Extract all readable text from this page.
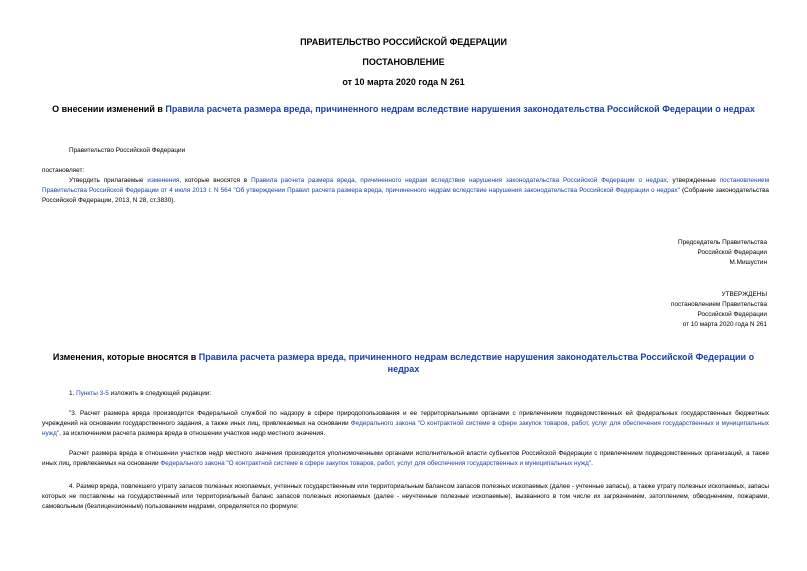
ПРАВИТЕЛЬСТВО РОССИЙСКОЙ ФЕДЕРАЦИИ
ПОСТАНОВЛЕНИЕ
от 10 марта 2020 года N 261
О внесении изменений в Правила расчета размера вреда, причиненного недрам вследствие нарушения законодательства Российской Федерации о недрах
Правительство Российской Федерации
постановляет:
Утвердить прилагаемые изменения, которые вносятся в Правила расчета размера вреда, причиненного недрам вследствие нарушения законодательства Российской Федерации о недрах, утвержденные постановлением Правительства Российской Федерации от 4 июля 2013 г. N 564 "Об утверждении Правил расчета размера вреда, причиненного недрам вследствие нарушения законодательства Российской Федерации о недрах" (Собрание законодательства Российской Федерации, 2013, N 28, ст.3830).
Председатель Правительства
Российской Федерации
М.Мишустин
УТВЕРЖДЕНЫ
постановлением Правительства
Российской Федерации
от 10 марта 2020 года N 261
Изменения, которые вносятся в Правила расчета размера вреда, причиненного недрам вследствие нарушения законодательства Российской Федерации о недрах
1. Пункты 3-5 изложить в следующей редакции:
"3. Расчет размера вреда производится Федеральной службой по надзору в сфере природопользования и ее территориальными органами с привлечением подведомственных ей федеральных государственных бюджетных учреждений на основании государственного задания, а также иных лиц, привлекаемых на основании Федерального закона "О контрактной системе в сфере закупок товаров, работ, услуг для обеспечения государственных и муниципальных нужд", за исключением расчета размера вреда в отношении участков недр местного значения.
Расчет размера вреда в отношении участков недр местного значения производится уполномоченными органами исполнительной власти субъектов Российской Федерации с привлечением подведомственных организаций, а также иных лиц, привлекаемых на основании Федерального закона "О контрактной системе в сфере закупок товаров, работ, услуг для обеспечения государственных и муниципальных нужд".
4. Размер вреда, повлекшего утрату запасов полезных ископаемых, учтенных государственным или территориальным балансом запасов полезных ископаемых (далее - учтенные запасы), а также утрату полезных ископаемых, запасы которых не поставлены на государственный или территориальный баланс запасов полезных ископаемых (далее - неучтенные полезные ископаемые), вызванного в том числе их загрязнением, затоплением, обводнением, пожарами, самовольным (безлицензионным) пользованием недрами, определяется по формуле:
